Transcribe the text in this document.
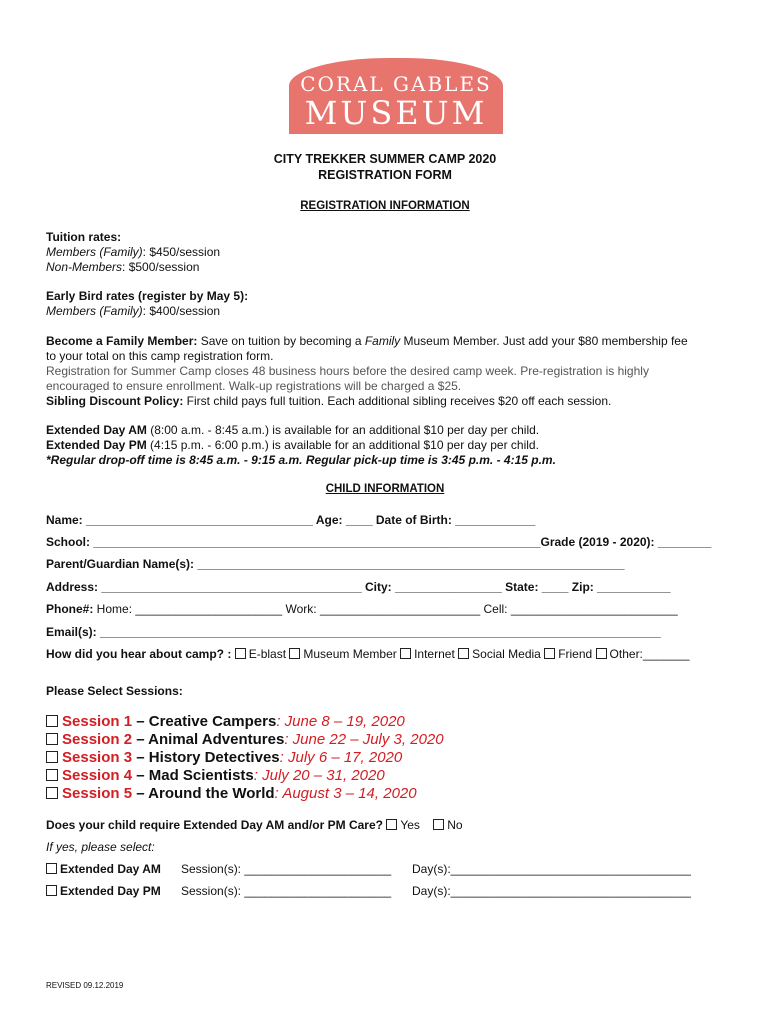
CORAL GABLES
MUSEUM
CITY TREKKER SUMMER CAMP 2020
REGISTRATION FORM
REGISTRATION INFORMATION
Tuition rates:
Members (Family): $450/session
Non-Members: $500/session
Early Bird rates (register by May 5):
Members (Family): $400/session
Become a Family Member: Save on tuition by becoming a Family Museum Member. Just add your $80 membership fee
to your total on this camp registration form.
Registration for Summer Camp closes 48 business hours before the desired camp week. Pre-registration is highly
encouraged to ensure enrollment. Walk-up registrations will be charged a $25.
Sibling Discount Policy: First child pays full tuition. Each additional sibling receives $20 off each session.
Extended Day AM (8:00 a.m. - 8:45 a.m.) is available for an additional $10 per day per child.
Extended Day PM (4:15 p.m. - 6:00 p.m.) is available for an additional $10 per day per child.
*Regular drop-off time is 8:45 a.m. - 9:15 a.m. Regular pick-up time is 3:45 p.m. - 4:15 p.m.
CHILD INFORMATION
Name: __________________________________ Age: ____ Date of Birth: ____________
School: ___________________________________________________________________Grade (2019 - 2020): ________
Parent/Guardian Name(s): ________________________________________________________________
Address: _______________________________________ City: ________________ State: ____ Zip: ___________
Phone#: Home: ______________________ Work: ________________________ Cell: _________________________
Email(s): ____________________________________________________________________________________
How did you hear about camp? : E-blast Museum Member Internet Social Media Friend Other:_______
Please Select Sessions:
Session 1 – Creative Campers: June 8 – 19, 2020
Session 2 – Animal Adventures: June 22 – July 3, 2020
Session 3 – History Detectives: July 6 – 17, 2020
Session 4 – Mad Scientists: July 20 – 31, 2020
Session 5 – Around the World: August 3 – 14, 2020
Does your child require Extended Day AM and/or PM Care? Yes No
If yes, please select:
Extended Day AM Session(s): ______________________ Day(s):____________________________________
Extended Day PM Session(s): ______________________ Day(s):____________________________________
REVISED 09.12.2019
